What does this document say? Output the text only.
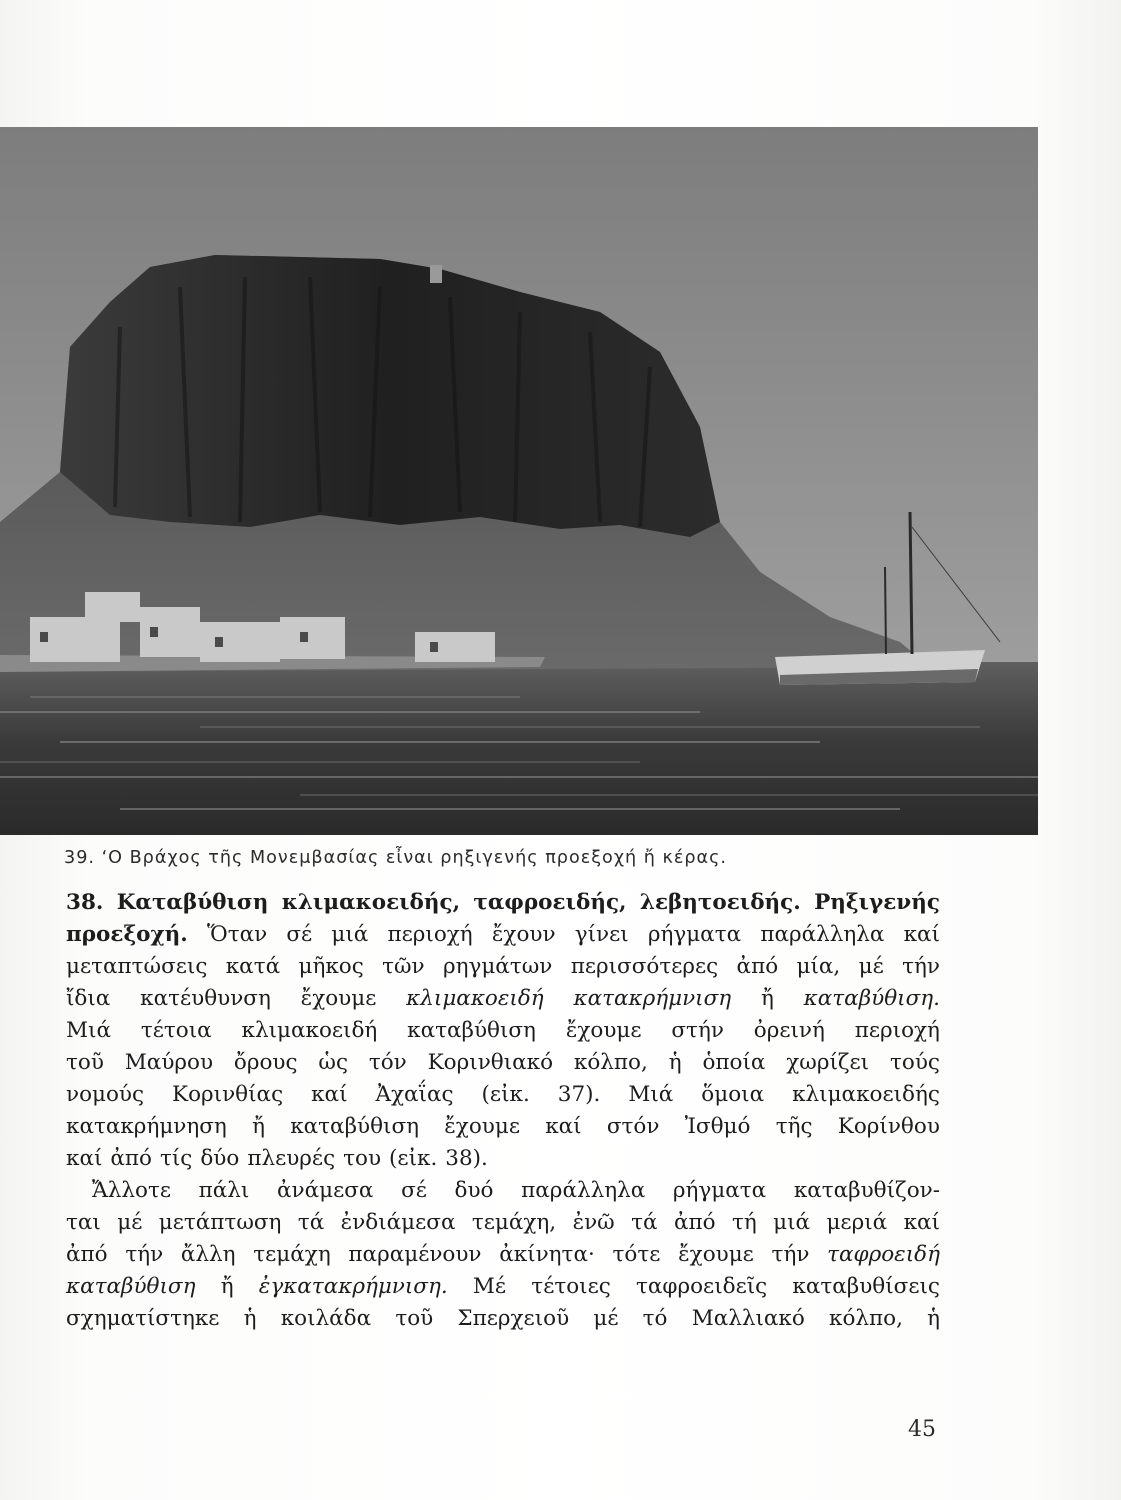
39. ‘Ο Βράχος τῆς Μονεμβασίας εἶναι ρηξιγενής προεξοχή ἤ κέρας.
38. Καταβύθιση κλιμακοειδής, ταφροειδής, λεβητοειδής. Ρηξιγενής
προεξοχή. Ὅταν σέ μιά περιοχή ἔχουν γίνει ρήγματα παράλληλα καί
μεταπτώσεις κατά μῆκος τῶν ρηγμάτων περισσότερες ἀπό μία, μέ τήν
ἴδια κατέυθυνση ἔχουμε κλιμακοειδή κατακρήμνιση ἤ καταβύθιση.
Μιά τέτοια κλιμακοειδή καταβύθιση ἔχουμε στήν ὀρεινή περιοχή
τοῦ Μαύρου ὄρους ὡς τόν Κορινθιακό κόλπο, ἡ ὁποία χωρίζει τούς
νομούς Κορινθίας καί Ἀχαΐας (εἰκ. 37). Μιά ὅμοια κλιμακοειδής
κατακρήμνηση ἤ καταβύθιση ἔχουμε καί στόν Ἰσθμό τῆς Κορίνθου
καί ἀπό τίς δύο πλευρές του (εἰκ. 38).
Ἄλλοτε πάλι ἀνάμεσα σέ δυό παράλληλα ρήγματα καταβυθίζον-
ται μέ μετάπτωση τά ἐνδιάμεσα τεμάχη, ἐνῶ τά ἀπό τή μιά μεριά καί
ἀπό τήν ἄλλη τεμάχη παραμένουν ἀκίνητα· τότε ἔχουμε τήν ταφροειδή
καταβύθιση ἤ ἐγκατακρήμνιση. Μέ τέτοιες ταφροειδεῖς καταβυθίσεις
σχηματίστηκε ἡ κοιλάδα τοῦ Σπερχειοῦ μέ τό Μαλλιακό κόλπο, ἡ
45
